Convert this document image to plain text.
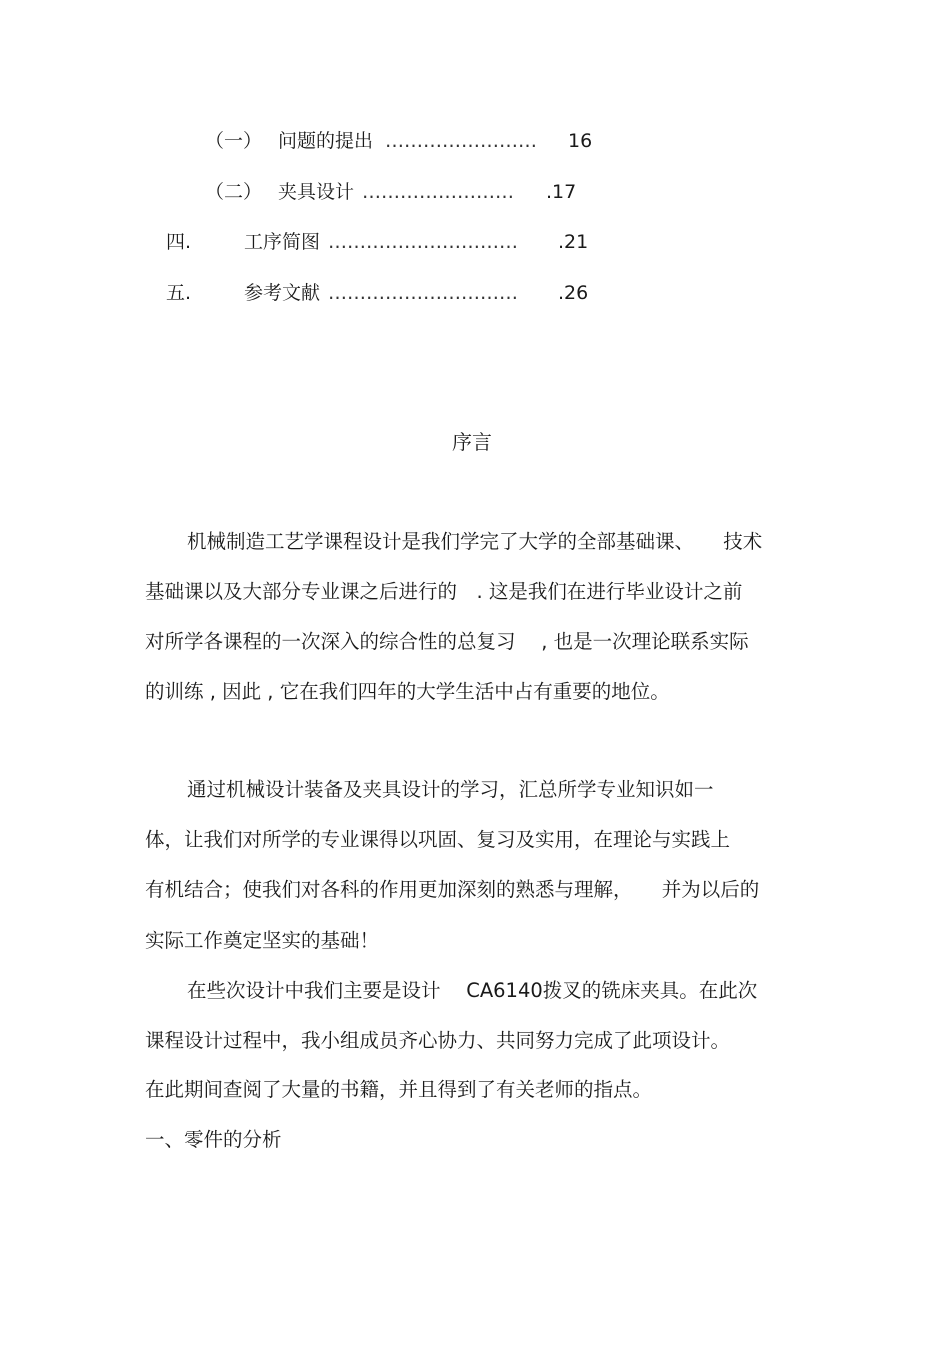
（一） 问题的提出 …………………… 16
（二） 夹具设计 …………………… .17
四.	工序简图 ………………………… .21
五.	参考文献 ………………………… .26
序言
机械制造工艺学课程设计是我们学完了大学的全部基础课、　　技术
基础课以及大部分专业课之后进行的　. 这是我们在进行毕业设计之前
对所学各课程的一次深入的综合性的总复习　 , 也是一次理论联系实际
的训练 , 因此 , 它在我们四年的大学生活中占有重要的地位。
通过机械设计装备及夹具设计的学习，汇总所学专业知识如一
体，让我们对所学的专业课得以巩固、复习及实用，在理论与实践上
有机结合；使我们对各科的作用更加深刻的熟悉与理解，　　并为以后的
实际工作奠定坚实的基础！
在些次设计中我们主要是设计　 CA6140拨叉的铣床夹具。在此次
课程设计过程中，我小组成员齐心协力、共同努力完成了此项设计。
在此期间查阅了大量的书籍，并且得到了有关老师的指点。
一、零件的分析
